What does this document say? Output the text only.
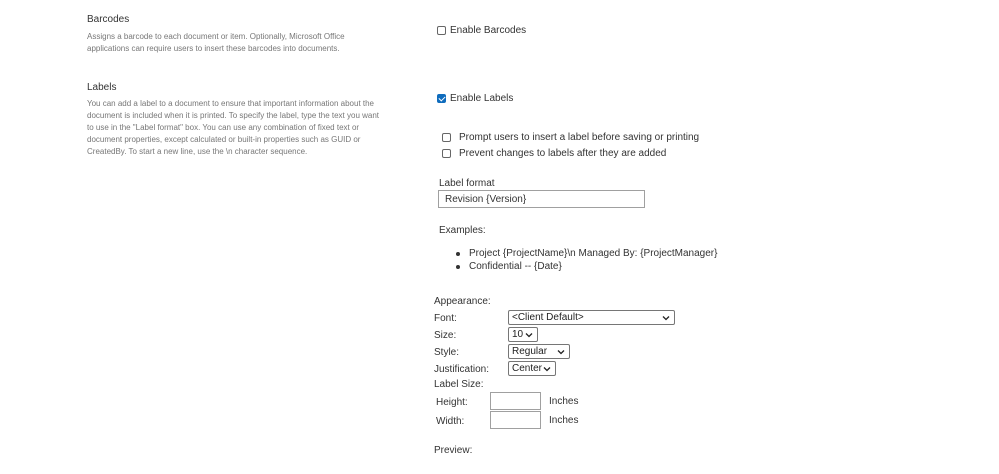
Barcodes
Assigns a barcode to each document or item. Optionally, Microsoft Office
applications can require users to insert these barcodes into documents.
Enable Barcodes
Labels
You can add a label to a document to ensure that important information about the
document is included when it is printed. To specify the label, type the text you want
to use in the "Label format" box. You can use any combination of fixed text or
document properties, except calculated or built-in properties such as GUID or
CreatedBy. To start a new line, use the \n character sequence.
Enable Labels
Prompt users to insert a label before saving or printing
Prevent changes to labels after they are added
Label format
Revision {Version}
Examples:
Project {ProjectName}\n Managed By: {ProjectManager}
Confidential -- {Date}
Appearance:
Font:	<Client Default>
Size:	10
Style:	Regular
Justification: Center
Label Size:
Height:	Inches
Width:	Inches
Preview:
